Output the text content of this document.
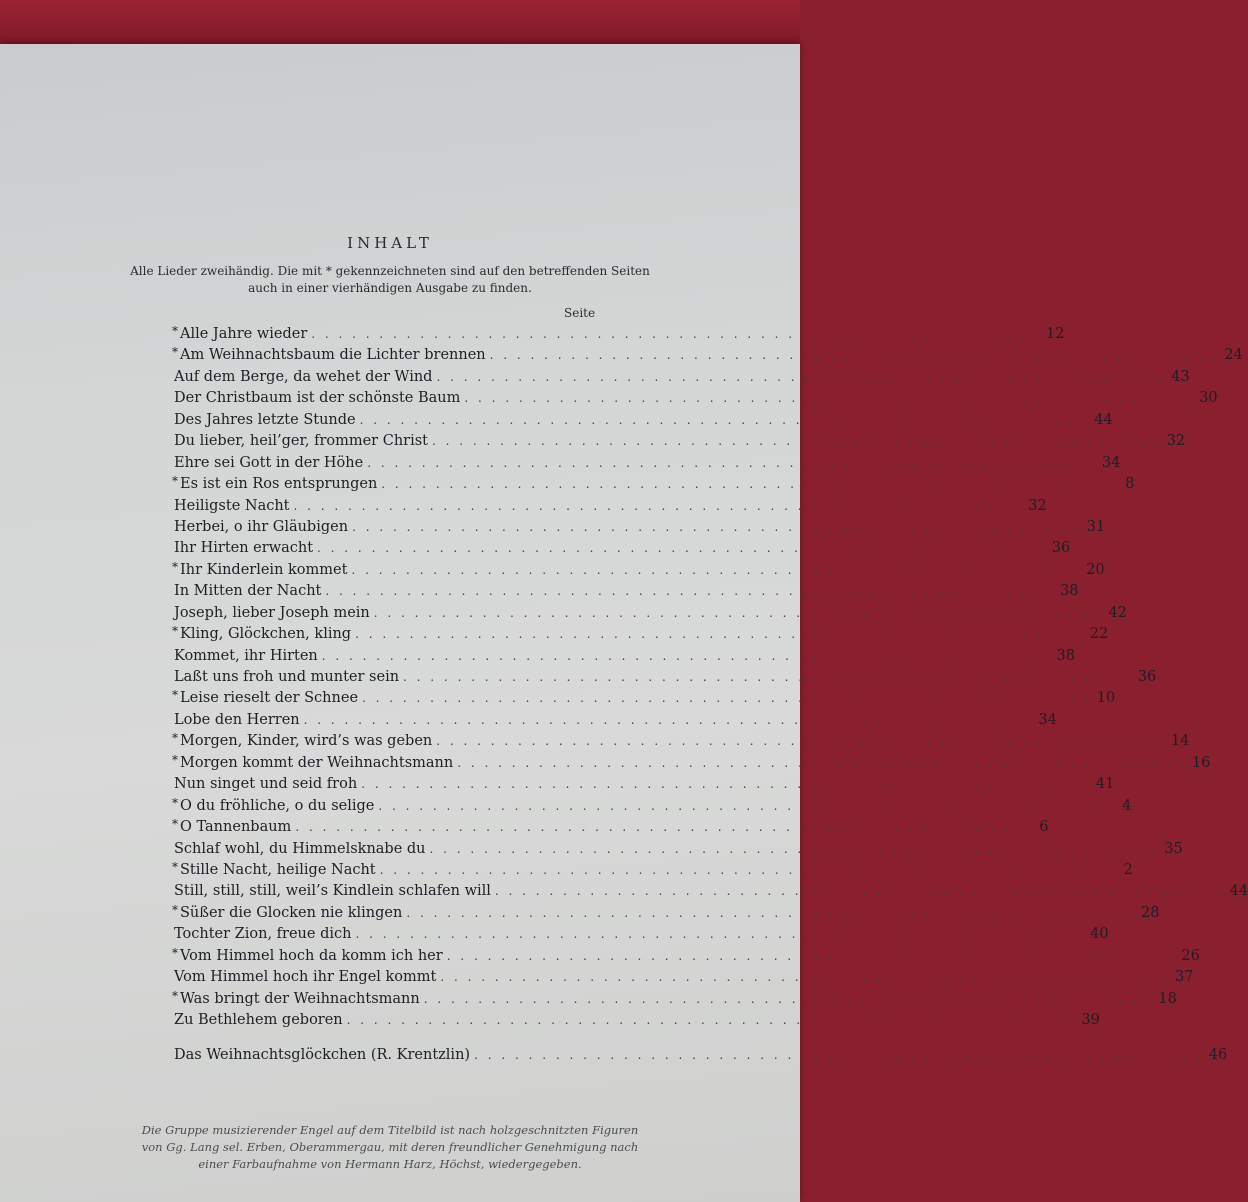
INHALT
Alle Lieder zweihändig. Die mit * gekennzeichneten sind auf den betreffenden Seiten
auch in einer vierhändigen Ausgabe zu finden.
Seite
* Alle Jahre wieder . . . . . . . . . . . . . . . . . . . . . . . . . . . . . . . . . . . . . . . . . . . . . . . . . . . . . . 12
* Am Weihnachtsbaum die Lichter brennen . . . . . . . . . . . . . . . . . . . . . . . . . . . . . . . . . . . . . . . . . . . . . . . . . . . . . . 24
Auf dem Berge, da wehet der Wind . . . . . . . . . . . . . . . . . . . . . . . . . . . . . . . . . . . . . . . . . . . . . . . . . . . . . . 43
Der Christbaum ist der schönste Baum . . . . . . . . . . . . . . . . . . . . . . . . . . . . . . . . . . . . . . . . . . . . . . . . . . . . . . 30
Des Jahres letzte Stunde . . . . . . . . . . . . . . . . . . . . . . . . . . . . . . . . . . . . . . . . . . . . . . . . . . . . . . 44
Du lieber, heil’ger, frommer Christ . . . . . . . . . . . . . . . . . . . . . . . . . . . . . . . . . . . . . . . . . . . . . . . . . . . . . . 32
Ehre sei Gott in der Höhe . . . . . . . . . . . . . . . . . . . . . . . . . . . . . . . . . . . . . . . . . . . . . . . . . . . . . . 34
* Es ist ein Ros entsprungen . . . . . . . . . . . . . . . . . . . . . . . . . . . . . . . . . . . . . . . . . . . . . . . . . . . . . .	8
Heiligste Nacht . . . . . . . . . . . . . . . . . . . . . . . . . . . . . . . . . . . . . . . . . . . . . . . . . . . . . . 32
Herbei, o ihr Gläubigen . . . . . . . . . . . . . . . . . . . . . . . . . . . . . . . . . . . . . . . . . . . . . . . . . . . . . . 31
Ihr Hirten erwacht . . . . . . . . . . . . . . . . . . . . . . . . . . . . . . . . . . . . . . . . . . . . . . . . . . . . . . 36
* Ihr Kinderlein kommet . . . . . . . . . . . . . . . . . . . . . . . . . . . . . . . . . . . . . . . . . . . . . . . . . . . . . . 20
In Mitten der Nacht . . . . . . . . . . . . . . . . . . . . . . . . . . . . . . . . . . . . . . . . . . . . . . . . . . . . . . 38
Joseph, lieber Joseph mein . . . . . . . . . . . . . . . . . . . . . . . . . . . . . . . . . . . . . . . . . . . . . . . . . . . . . . 42
* Kling, Glöckchen, kling . . . . . . . . . . . . . . . . . . . . . . . . . . . . . . . . . . . . . . . . . . . . . . . . . . . . . . 22
Kommet, ihr Hirten . . . . . . . . . . . . . . . . . . . . . . . . . . . . . . . . . . . . . . . . . . . . . . . . . . . . . . 38
Laßt uns froh und munter sein . . . . . . . . . . . . . . . . . . . . . . . . . . . . . . . . . . . . . . . . . . . . . . . . . . . . . . 36
* Leise rieselt der Schnee . . . . . . . . . . . . . . . . . . . . . . . . . . . . . . . . . . . . . . . . . . . . . . . . . . . . . . 10
Lobe den Herren . . . . . . . . . . . . . . . . . . . . . . . . . . . . . . . . . . . . . . . . . . . . . . . . . . . . . . 34
* Morgen, Kinder, wird’s was geben . . . . . . . . . . . . . . . . . . . . . . . . . . . . . . . . . . . . . . . . . . . . . . . . . . . . . . 14
* Morgen kommt der Weihnachtsmann . . . . . . . . . . . . . . . . . . . . . . . . . . . . . . . . . . . . . . . . . . . . . . . . . . . . . . 16
Nun singet und seid froh . . . . . . . . . . . . . . . . . . . . . . . . . . . . . . . . . . . . . . . . . . . . . . . . . . . . . . 41
* O du fröhliche, o du selige . . . . . . . . . . . . . . . . . . . . . . . . . . . . . . . . . . . . . . . . . . . . . . . . . . . . . .	4
* O Tannenbaum . . . . . . . . . . . . . . . . . . . . . . . . . . . . . . . . . . . . . . . . . . . . . . . . . . . . . .	6
Schlaf wohl, du Himmelsknabe du . . . . . . . . . . . . . . . . . . . . . . . . . . . . . . . . . . . . . . . . . . . . . . . . . . . . . . 35
* Stille Nacht, heilige Nacht . . . . . . . . . . . . . . . . . . . . . . . . . . . . . . . . . . . . . . . . . . . . . . . . . . . . . .	2
Still, still, still, weil’s Kindlein schlafen will . . . . . . . . . . . . . . . . . . . . . . . . . . . . . . . . . . . . . . . . . . . . . . . . . . . . . . 44
* Süßer die Glocken nie klingen . . . . . . . . . . . . . . . . . . . . . . . . . . . . . . . . . . . . . . . . . . . . . . . . . . . . . . 28
Tochter Zion, freue dich . . . . . . . . . . . . . . . . . . . . . . . . . . . . . . . . . . . . . . . . . . . . . . . . . . . . . . 40
* Vom Himmel hoch da komm ich her . . . . . . . . . . . . . . . . . . . . . . . . . . . . . . . . . . . . . . . . . . . . . . . . . . . . . . 26
Vom Himmel hoch ihr Engel kommt . . . . . . . . . . . . . . . . . . . . . . . . . . . . . . . . . . . . . . . . . . . . . . . . . . . . . . 37
* Was bringt der Weihnachtsmann . . . . . . . . . . . . . . . . . . . . . . . . . . . . . . . . . . . . . . . . . . . . . . . . . . . . . . 18
Zu Bethlehem geboren . . . . . . . . . . . . . . . . . . . . . . . . . . . . . . . . . . . . . . . . . . . . . . . . . . . . . . 39
Das Weihnachtsglöckchen (R. Krentzlin) . . . . . . . . . . . . . . . . . . . . . . . . . . . . . . . . . . . . . . . . . . . . . . . . . . . . . . 46
Die Gruppe musizierender Engel auf dem Titelbild ist nach holzgeschnitzten Figuren
von Gg. Lang sel. Erben, Oberammergau, mit deren freundlicher Genehmigung nach
einer Farbaufnahme von Hermann Harz, Höchst, wiedergegeben.
